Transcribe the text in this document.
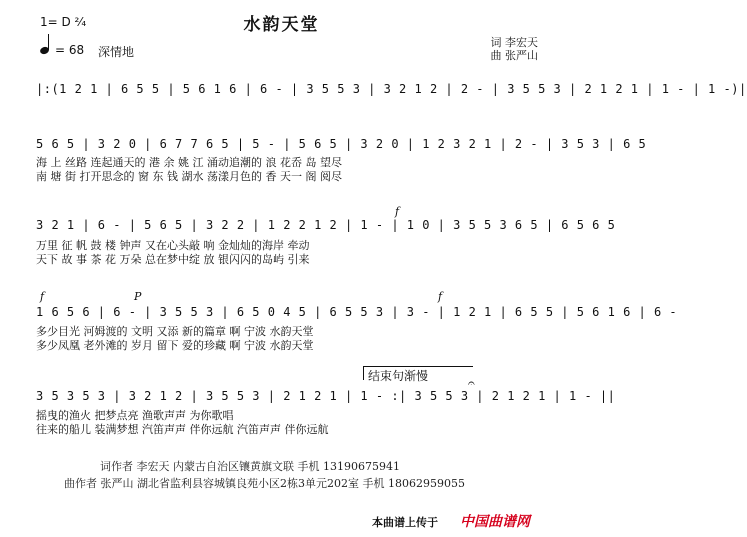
水韵天堂
1= D ²⁄₄
= 68 深情地
词 李宏天
曲 张严山
|:(1 2 1 | 6 5 5 | 5 6 1 6 | 6 - | 3 5 5 3 | 3 2 1 2 | 2 - | 3 5 5 3 | 2 1 2 1 | 1 - | 1 -)|
5 6 5 | 3 2 0 | 6 7 7 6 5 | 5 - | 5 6 5 | 3 2 0 | 1 2 3 2 1 | 2 - | 3 5 3 | 6 5
海 上 丝路 连起通天的 港 余 姚 江 涌动追潮的 浪 花岙 岛 望尽
南 塘 街 打开思念的 窗 东 钱 湖水 荡漾月色的 香 天一 阁 阅尽
f
3 2 1 | 6 - | 5 6 5 | 3 2 2 | 1 2 2 1 2 | 1 - | 1 0 | 3 5 5 3 6 5 | 6 5 6 5
万里 征 帆 鼓 楼 钟声 又在心头敲 响 金灿灿的海岸 牵动
天下 故 事 茶 花 万朵 总在梦中绽 放 银闪闪的岛屿 引来
f	P	f
1 6 5 6 | 6 - | 3 5 5 3 | 6 5 0 4 5 | 6 5 5 3 | 3 - | 1 2 1 | 6 5 5 | 5 6 1 6 | 6 -
多少目光 河姆渡的 文明 又添 新的篇章 啊 宁波 水韵天堂
多少凤凰 老外滩的 岁月 留下 爱的珍藏 啊 宁波 水韵天堂
结束句渐慢	𝄐
3 5 3 5 3 | 3 2 1 2 | 3 5 5 3 | 2 1 2 1 | 1 - :| 3 5 5 3 | 2 1 2 1 | 1 - ||
摇曳的渔火 把梦点亮 渔歌声声 为你歌唱
往来的船儿 装满梦想 汽笛声声 伴你远航 汽笛声声 伴你远航
词作者 李宏天 内蒙古自治区镶黄旗文联 手机 13190675941
曲作者 张严山 湖北省监利县容城镇良苑小区2栋3单元202室 手机 18062959055
本曲谱上传于 中国曲谱网
